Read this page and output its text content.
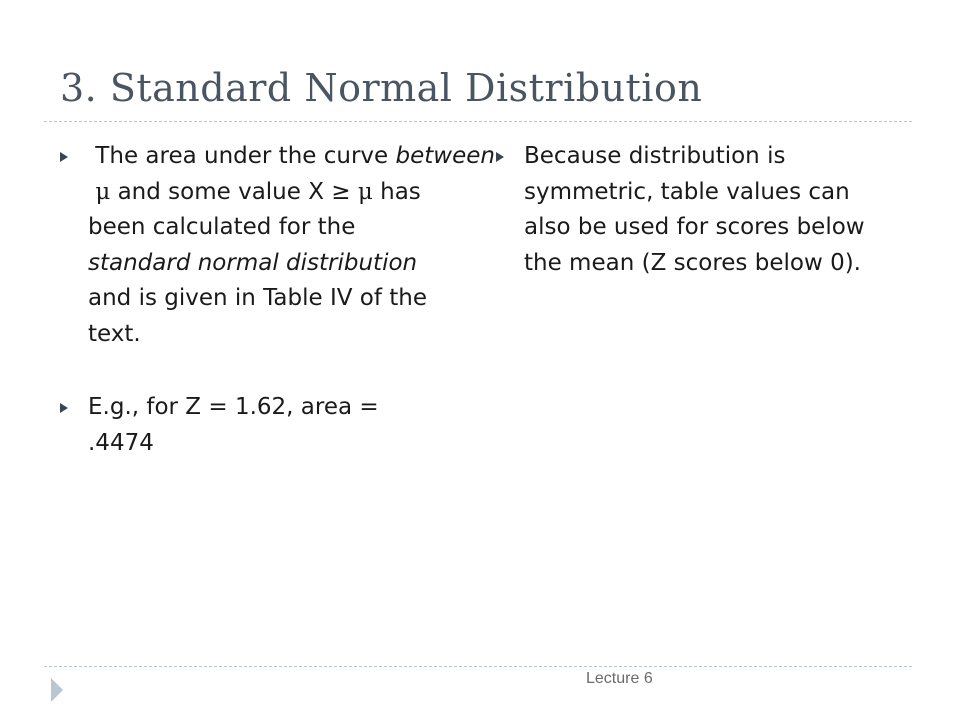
3. Standard Normal Distribution
The area under the curve between μ and some value X ≥ μ has been calculated for the standard normal distribution and is given in Table IV of the text.
E.g., for Z = 1.62, area = .4474
Because distribution is symmetric, table values can also be used for scores below the mean (Z scores below 0).
Lecture 6
